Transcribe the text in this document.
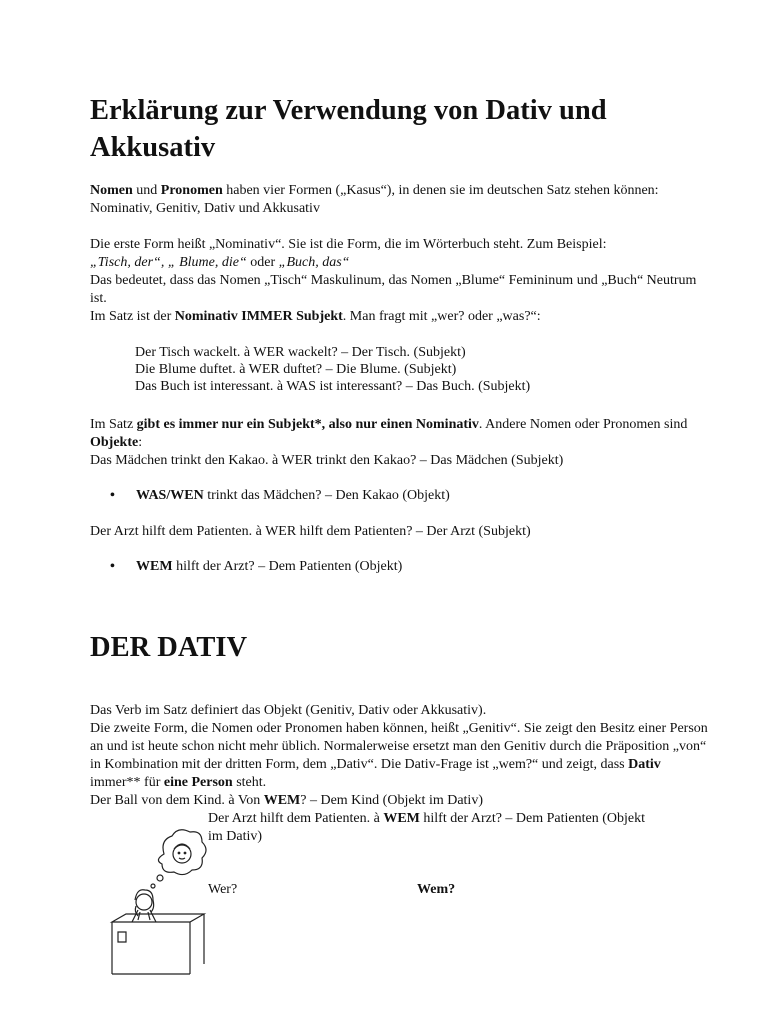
Erklärung zur Verwendung von Dativ und Akkusativ

Nomen und Pronomen haben vier Formen („Kasus“), in denen sie im deutschen Satz stehen können: Nominativ, Genitiv, Dativ und Akkusativ

Die erste Form heißt „Nominativ“. Sie ist die Form, die im Wörterbuch steht. Zum Beispiel:
„Tisch, der“, „ Blume, die“ oder „Buch, das“
Das bedeutet, dass das Nomen „Tisch“ Maskulinum, das Nomen „Blume“ Femininum und „Buch“ Neutrum ist.
Im Satz ist der Nominativ IMMER Subjekt. Man fragt mit „wer? oder „was?“:
Der Tisch wackelt. à WER wackelt? – Der Tisch. (Subjekt)
Die Blume duftet. à WER duftet? – Die Blume. (Subjekt)
Das Buch ist interessant. à WAS ist interessant? – Das Buch. (Subjekt)
Im Satz gibt es immer nur ein Subjekt*, also nur einen Nominativ. Andere Nomen oder Pronomen sind Objekte:
Das Mädchen trinkt den Kakao. à WER trinkt den Kakao? – Das Mädchen (Subjekt)
• WAS/WEN trinkt das Mädchen? – Den Kakao (Objekt)
Der Arzt hilft dem Patienten. à WER hilft dem Patienten? – Der Arzt (Subjekt)
• WEM hilft der Arzt? – Dem Patienten (Objekt)
DER DATIV
Das Verb im Satz definiert das Objekt (Genitiv, Dativ oder Akkusativ).
Die zweite Form, die Nomen oder Pronomen haben können, heißt „Genitiv“. Sie zeigt den Besitz einer Person an und ist heute schon nicht mehr üblich. Normalerweise ersetzt man den Genitiv durch die Präposition „von“ in Kombination mit der dritten Form, dem „Dativ“. Die Dativ-Frage ist „wem?“ und zeigt, dass Dativ immer** für eine Person steht.
Der Ball von dem Kind. à Von WEM? – Dem Kind (Objekt im Dativ)
Der Arzt hilft dem Patienten. à WEM hilft der Arzt? – Dem Patienten (Objekt im Dativ)
Wer?	Wem?
